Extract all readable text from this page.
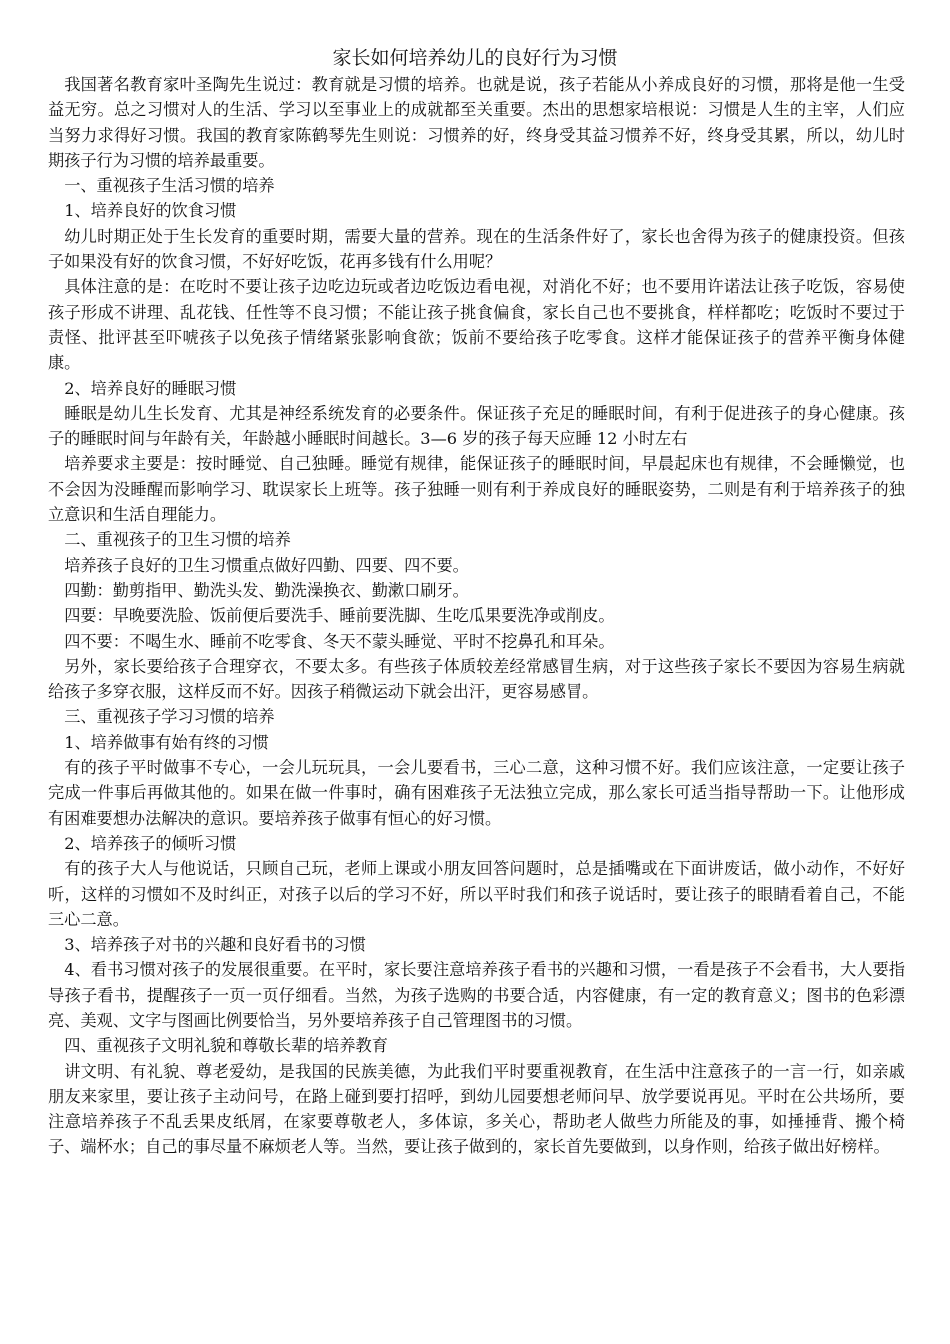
家长如何培养幼儿的良好行为习惯

我国著名教育家叶圣陶先生说过：教育就是习惯的培养。也就是说，孩子若能从小养成良好的习惯，那将是他一生受益无穷。总之习惯对人的生活、学习以至事业上的成就都至关重要。杰出的思想家培根说：习惯是人生的主宰，人们应当努力求得好习惯。我国的教育家陈鹤琴先生则说：习惯养的好，终身受其益习惯养不好，终身受其累，所以，幼儿时期孩子行为习惯的培养最重要。

一、重视孩子生活习惯的培养

1、培养良好的饮食习惯

幼儿时期正处于生长发育的重要时期，需要大量的营养。现在的生活条件好了，家长也舍得为孩子的健康投资。但孩子如果没有好的饮食习惯，不好好吃饭，花再多钱有什么用呢？

具体注意的是：在吃时不要让孩子边吃边玩或者边吃饭边看电视，对消化不好；也不要用许诺法让孩子吃饭，容易使孩子形成不讲理、乱花钱、任性等不良习惯；不能让孩子挑食偏食，家长自己也不要挑食，样样都吃；吃饭时不要过于责怪、批评甚至吓唬孩子以免孩子情绪紧张影响食欲；饭前不要给孩子吃零食。这样才能保证孩子的营养平衡身体健康。

2、培养良好的睡眠习惯

睡眠是幼儿生长发育、尤其是神经系统发育的必要条件。保证孩子充足的睡眠时间，有利于促进孩子的身心健康。孩子的睡眠时间与年龄有关，年龄越小睡眠时间越长。3—6 岁的孩子每天应睡 12 小时左右

培养要求主要是：按时睡觉、自己独睡。睡觉有规律，能保证孩子的睡眠时间，早晨起床也有规律，不会睡懒觉，也不会因为没睡醒而影响学习、耽误家长上班等。孩子独睡一则有利于养成良好的睡眠姿势，二则是有利于培养孩子的独立意识和生活自理能力。

二、重视孩子的卫生习惯的培养

培养孩子良好的卫生习惯重点做好四勤、四要、四不要。

四勤：勤剪指甲、勤洗头发、勤洗澡换衣、勤漱口刷牙。

四要：早晚要洗脸、饭前便后要洗手、睡前要洗脚、生吃瓜果要洗净或削皮。

四不要：不喝生水、睡前不吃零食、冬天不蒙头睡觉、平时不挖鼻孔和耳朵。

另外，家长要给孩子合理穿衣，不要太多。有些孩子体质较差经常感冒生病，对于这些孩子家长不要因为容易生病就给孩子多穿衣服，这样反而不好。因孩子稍微运动下就会出汗，更容易感冒。

三、重视孩子学习习惯的培养

1、培养做事有始有终的习惯

有的孩子平时做事不专心，一会儿玩玩具，一会儿要看书，三心二意，这种习惯不好。我们应该注意，一定要让孩子完成一件事后再做其他的。如果在做一件事时，确有困难孩子无法独立完成，那么家长可适当指导帮助一下。让他形成有困难要想办法解决的意识。要培养孩子做事有恒心的好习惯。

2、培养孩子的倾听习惯

有的孩子大人与他说话，只顾自己玩，老师上课或小朋友回答问题时，总是插嘴或在下面讲废话，做小动作，不好好听，这样的习惯如不及时纠正，对孩子以后的学习不好，所以平时我们和孩子说话时，要让孩子的眼睛看着自己，不能三心二意。

3、培养孩子对书的兴趣和良好看书的习惯

4、看书习惯对孩子的发展很重要。在平时，家长要注意培养孩子看书的兴趣和习惯，一看是孩子不会看书，大人要指导孩子看书，提醒孩子一页一页仔细看。当然，为孩子选购的书要合适，内容健康，有一定的教育意义；图书的色彩漂亮、美观、文字与图画比例要恰当，另外要培养孩子自己管理图书的习惯。

四、重视孩子文明礼貌和尊敬长辈的培养教育

讲文明、有礼貌、尊老爱幼，是我国的民族美德，为此我们平时要重视教育，在生活中注意孩子的一言一行，如亲戚朋友来家里，要让孩子主动问号，在路上碰到要打招呼，到幼儿园要想老师问早、放学要说再见。平时在公共场所，要注意培养孩子不乱丢果皮纸屑，在家要尊敬老人，多体谅，多关心，帮助老人做些力所能及的事，如捶捶背、搬个椅子、端杯水；自己的事尽量不麻烦老人等。当然，要让孩子做到的，家长首先要做到，以身作则，给孩子做出好榜样。
